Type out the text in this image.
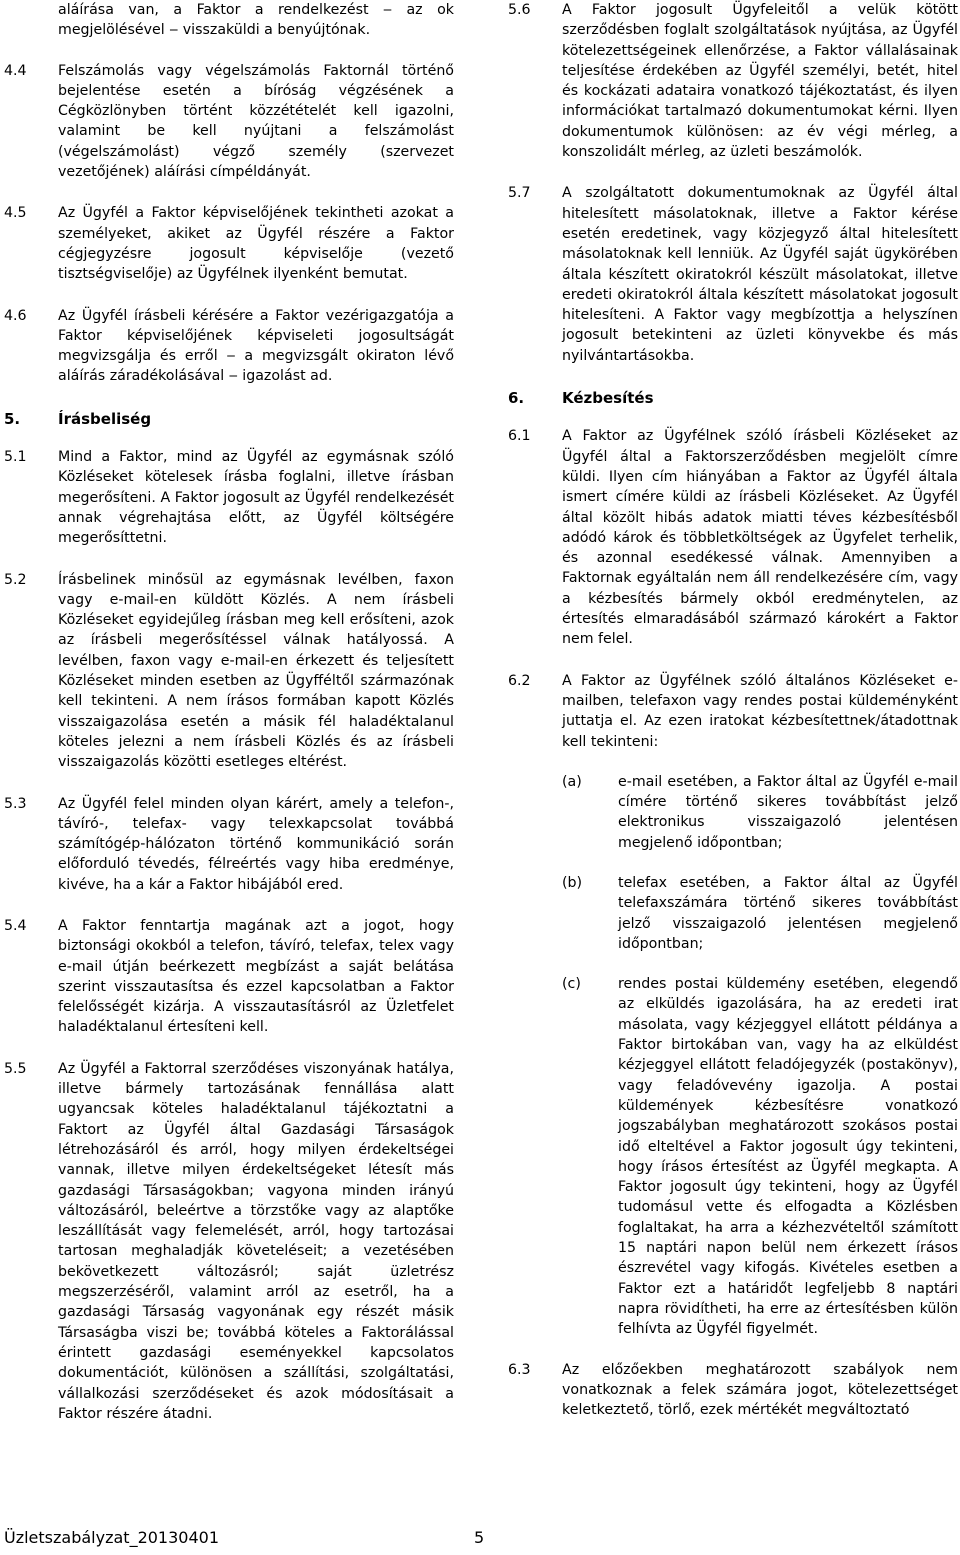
aláírása van, a Faktor a rendelkezést ‒ az ok megjelölésével ‒ visszaküldi a benyújtónak.
4.4	Felszámolás vagy végelszámolás Faktornál történő bejelentése esetén a bíróság végzésének a Cégközlönyben történt közzétételét kell igazolni, valamint be kell nyújtani a felszámolást (végelszámolást) végző személy (szervezet vezetőjének) aláírási címpéldányát.
4.5	Az Ügyfél a Faktor képviselőjének tekintheti azokat a személyeket, akiket az Ügyfél részére a Faktor cégjegyzésre jogosult képviselője (vezető tisztségviselője) az Ügyfélnek ilyenként bemutat.
4.6	Az Ügyfél írásbeli kérésére a Faktor vezérigazgatója a Faktor képviselőjének képviseleti jogosultságát megvizsgálja és erről ‒ a megvizsgált okiraton lévő aláírás záradékolásával ‒ igazolást ad.
5.	Írásbeliség
5.1	Mind a Faktor, mind az Ügyfél az egymásnak szóló Közléseket kötelesek írásba foglalni, illetve írásban megerősíteni. A Faktor jogosult az Ügyfél rendelkezését annak végrehajtása előtt, az Ügyfél költségére megerősíttetni.
5.2	Írásbelinek minősül az egymásnak levélben, faxon vagy e-mail-en küldött Közlés. A nem írásbeli Közléseket egyidejűleg írásban meg kell erősíteni, azok az írásbeli megerősítéssel válnak hatályossá. A levélben, faxon vagy e-mail-en érkezett és teljesített Közléseket minden esetben az Ügyfféltől származónak kell tekinteni. A nem írásos formában kapott Közlés visszaigazolása esetén a másik fél haladéktalanul köteles jelezni a nem írásbeli Közlés és az írásbeli visszaigazolás közötti esetleges eltérést.
5.3	Az Ügyfél felel minden olyan kárért, amely a telefon-, távíró-, telefax- vagy telexkapcsolat továbbá számítógép-hálózaton történő kommunikáció során előforduló tévedés, félreértés vagy hiba eredménye, kivéve, ha a kár a Faktor hibájából ered.
5.4	A Faktor fenntartja magának azt a jogot, hogy biztonsági okokból a telefon, távíró, telefax, telex vagy e-mail útján beérkezett megbízást a saját belátása szerint visszautasítsa és ezzel kapcsolatban a Faktor felelősségét kizárja. A visszautasításról az Üzletfelet haladéktalanul értesíteni kell.
5.5	Az Ügyfél a Faktorral szerződéses viszonyának hatálya, illetve bármely tartozásának fennállása alatt ugyancsak köteles haladéktalanul tájékoztatni a Faktort az Ügyfél által Gazdasági Társaságok létrehozásáról és arról, hogy milyen érdekeltségei vannak, illetve milyen érdekeltségeket létesít más gazdasági Társaságokban; vagyona minden irányú változásáról, beleértve a törzstőke vagy az alaptőke leszállítását vagy felemelését, arról, hogy tartozásai tartosan meghaladják követeléseit; a vezetésében bekövetkezett változásról; saját üzletrész megszerzéséről, valamint arról az esetről, ha a gazdasági Társaság vagyonának egy részét másik Társaságba viszi be; továbbá köteles a Faktorálással érintett gazdasági eseményekkel kapcsolatos dokumentációt, különösen a szállítási, szolgáltatási, vállalkozási szerződéseket és azok módosításait a Faktor részére átadni.
5.6	A Faktor jogosult Ügyfeleitől a velük kötött szerződésben foglalt szolgáltatások nyújtása, az Ügyfél kötelezettségeinek ellenőrzése, a Faktor vállalásainak teljesítése érdekében az Ügyfél személyi, betét, hitel és kockázati adataira vonatkozó tájékoztatást, és ilyen információkat tartalmazó dokumentumokat kérni. Ilyen dokumentumok különösen: az év végi mérleg, a konszolidált mérleg, az üzleti beszámolók.
5.7	A szolgáltatott dokumentumoknak az Ügyfél által hitelesített másolatoknak, illetve a Faktor kérése esetén eredetinek, vagy közjegyző által hitelesített másolatoknak kell lenniük. Az Ügyfél saját ügykörében általa készített okiratokról készült másolatokat, illetve eredeti okiratokról általa készített másolatokat jogosult hitelesíteni. A Faktor vagy megbízottja a helyszínen jogosult betekinteni az üzleti könyvekbe és más nyilvántartásokba.
6.	Kézbesítés
6.1	A Faktor az Ügyfélnek szóló írásbeli Közléseket az Ügyfél által a Faktorszerződésben megjelölt címre küldi. Ilyen cím hiányában a Faktor az Ügyfél általa ismert címére küldi az írásbeli Közléseket. Az Ügyfél által közölt hibás adatok miatti téves kézbesítésből adódó károk és többletköltségek az Ügyfelet terhelik, és azonnal esedékessé válnak. Amennyiben a Faktornak egyáltalán nem áll rendelkezésére cím, vagy a kézbesítés bármely okból eredménytelen, az értesítés elmaradásából származó károkért a Faktor nem felel.
6.2	A Faktor az Ügyfélnek szóló általános Közléseket e-mailben, telefaxon vagy rendes postai küldeményként juttatja el. Az ezen iratokat kézbesítettnek/átadottnak kell tekinteni:
(a)	e-mail esetében, a Faktor által az Ügyfél e-mail címére történő sikeres továbbítást jelző elektronikus visszaigazoló jelentésen megjelenő időpontban;
(b)	telefax esetében, a Faktor által az Ügyfél telefaxszámára történő sikeres továbbítást jelző visszaigazoló jelentésen megjelenő időpontban;
(c)	rendes postai küldemény esetében, elegendő az elküldés igazolására, ha az eredeti irat másolata, vagy kézjeggyel ellátott példánya a Faktor birtokában van, vagy ha az elküldést kézjeggyel ellátott feladójegyzék (postakönyv), vagy feladóvevény igazolja. A postai küldemények kézbesítésre vonatkozó jogszabályban meghatározott szokásos postai idő elteltével a Faktor jogosult úgy tekinteni, hogy írásos értesítést az Ügyfél megkapta. A Faktor jogosult úgy tekinteni, hogy az Ügyfél tudomásul vette és elfogadta a Közlésben foglaltakat, ha arra a kézhezvételtől számított 15 naptári napon belül nem érkezett írásos észrevétel vagy kifogás. Kivételes esetben a Faktor ezt a határidőt legfeljebb 8 naptári napra rövidítheti, ha erre az értesítésben külön felhívta az Ügyfél figyelmét.
6.3	Az előzőekben meghatározott szabályok nem vonatkoznak a felek számára jogot, kötelezettséget keletkeztető, törlő, ezek mértékét megváltoztató
Üzletszabályzat_20130401	5
